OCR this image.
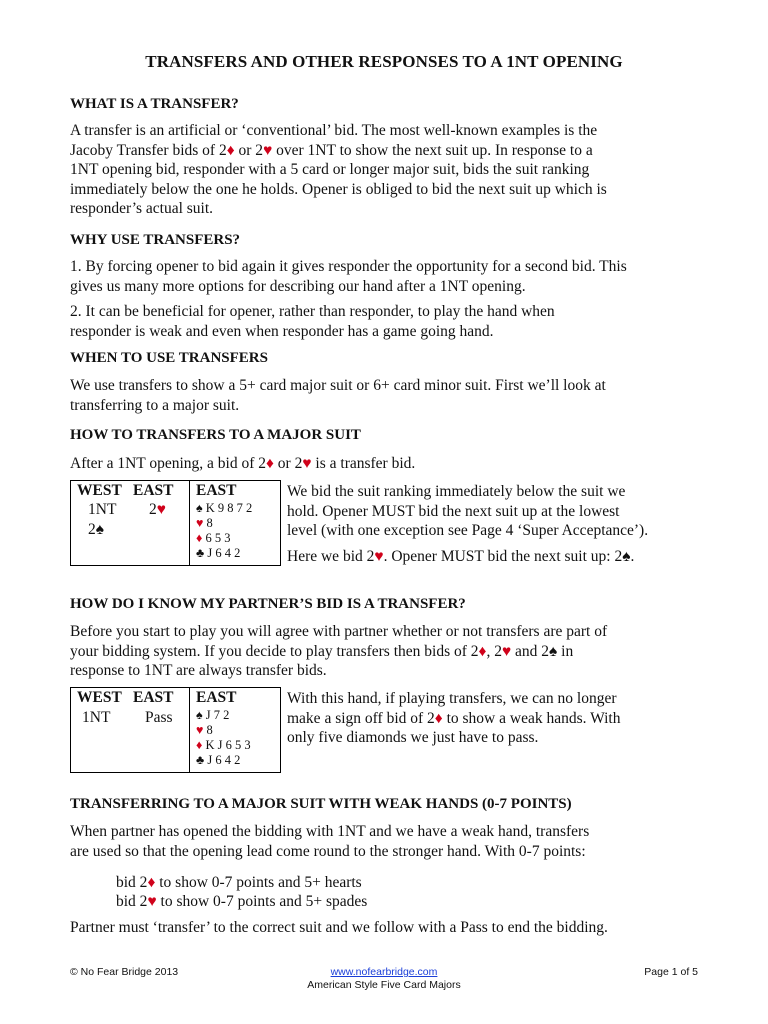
TRANSFERS AND OTHER RESPONSES TO A 1NT OPENING
WHAT IS A TRANSFER?

A transfer is an artificial or ‘conventional’ bid. The most well-known examples is the
Jacoby Transfer bids of 2♦ or 2♥ over 1NT to show the next suit up. In response to a
1NT opening bid, responder with a 5 card or longer major suit, bids the suit ranking
immediately below the one he holds. Opener is obliged to bid the next suit up which is
responder’s actual suit.

WHY USE TRANSFERS?

1. By forcing opener to bid again it gives responder the opportunity for a second bid. This
gives us many more options for describing our hand after a 1NT opening.

2. It can be beneficial for opener, rather than responder, to play the hand when
responder is weak and even when responder has a game going hand.

WHEN TO USE TRANSFERS

We use transfers to show a 5+ card major suit or 6+ card minor suit. First we’ll look at
transferring to a major suit.

HOW TO TRANSFERS TO A MAJOR SUIT

After a 1NT opening, a bid of 2♦ or 2♥ is a transfer bid.

WEST EAST
1NT 2♥
2♠

EAST
♠ K 9 8 7 2
♥ 8
♦ 6 5 3
♣ J 6 4 2

We bid the suit ranking immediately below the suit we
hold. Opener MUST bid the next suit up at the lowest
level (with one exception see Page 4 ‘Super Acceptance’).

Here we bid 2♥. Opener MUST bid the next suit up: 2♠.

HOW DO I KNOW MY PARTNER’S BID IS A TRANSFER?

Before you start to play you will agree with partner whether or not transfers are part of
your bidding system. If you decide to play transfers then bids of 2♦, 2♥ and 2♠ in
response to 1NT are always transfer bids.

WEST EAST
1NT Pass

EAST
♠ J 7 2
♥ 8
♦ K J 6 5 3
♣ J 6 4 2

With this hand, if playing transfers, we can no longer
make a sign off bid of 2♦ to show a weak hands. With
only five diamonds we just have to pass.

TRANSFERRING TO A MAJOR SUIT WITH WEAK HANDS (0-7 POINTS)

When partner has opened the bidding with 1NT and we have a weak hand, transfers
are used so that the opening lead come round to the stronger hand. With 0-7 points:

bid 2♦ to show 0-7 points and 5+ hearts
bid 2♥ to show 0-7 points and 5+ spades

Partner must ‘transfer’ to the correct suit and we follow with a Pass to end the bidding.

© No Fear Bridge 2013	www.nofearbridge.com
American Style Five Card Majors
Page 1 of 5
